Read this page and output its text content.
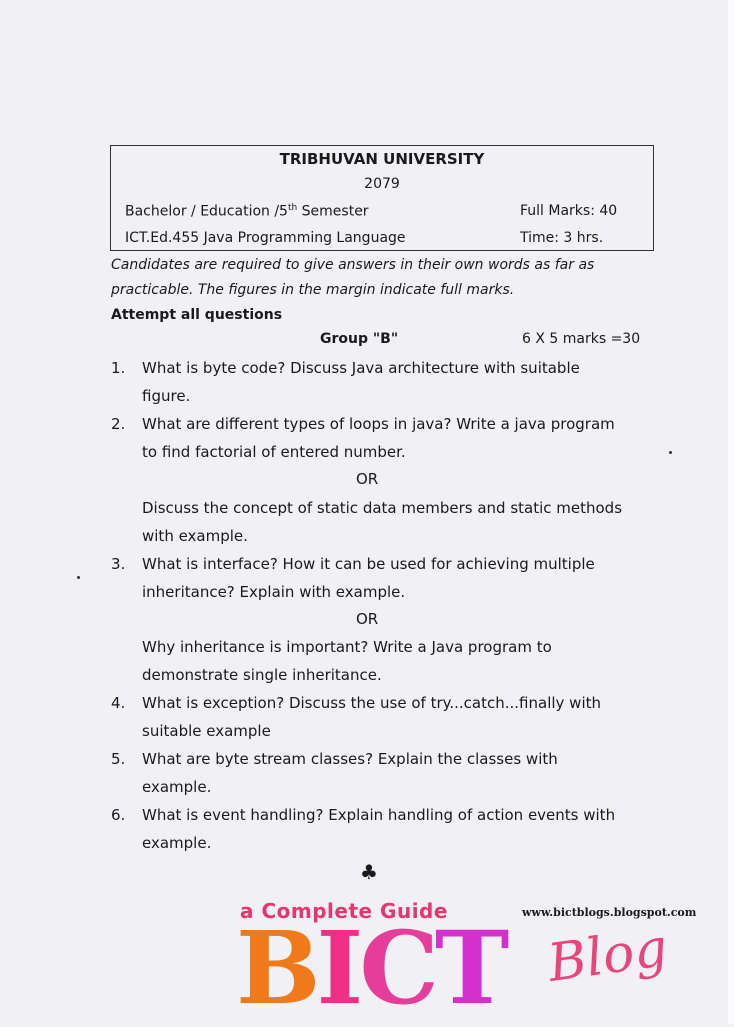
TRIBHUVAN UNIVERSITY
2079
Bachelor / Education /5th Semester	Full Marks: 40
ICT.Ed.455 Java Programming Language	Time: 3 hrs.
Candidates are required to give answers in their own words as far as
practicable. The figures in the margin indicate full marks.
Attempt all questions
Group "B"	6 X 5 marks =30
1. What is byte code? Discuss Java architecture with suitable
figure.
2. What are different types of loops in java? Write a java program
to find factorial of entered number.
OR
Discuss the concept of static data members and static methods
with example.
3. What is interface? How it can be used for achieving multiple
inheritance? Explain with example.
OR
Why inheritance is important? Write a Java program to
demonstrate single inheritance.
4. What is exception? Discuss the use of try...catch...finally with
suitable example
5. What are byte stream classes? Explain the classes with
example.
6. What is event handling? Explain handling of action events with
example.
♣
BICT
a Complete Guide	www.bictblogs.blogspot.com
Blog
